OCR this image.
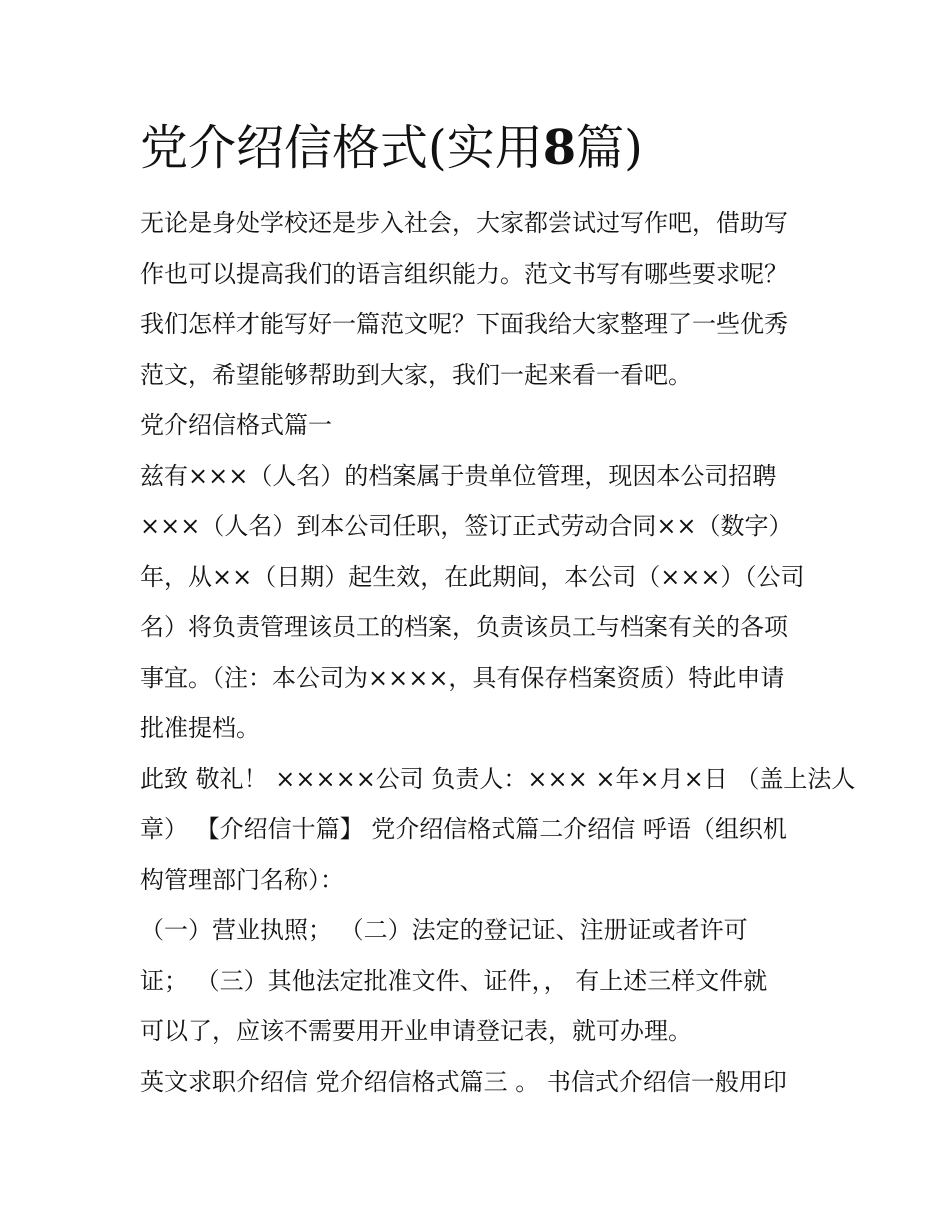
党介绍信格式(实用8篇)

无论是身处学校还是步入社会，大家都尝试过写作吧，借助写

作也可以提高我们的语言组织能力。范文书写有哪些要求呢？

我们怎样才能写好一篇范文呢？下面我给大家整理了一些优秀

范文，希望能够帮助到大家，我们一起来看一看吧。

党介绍信格式篇一

兹有×××（人名）的档案属于贵单位管理，现因本公司招聘

×××（人名）到本公司任职，签订正式劳动合同××（数字）

年，从××（日期）起生效，在此期间，本公司（×××）（公司

名）将负责管理该员工的档案，负责该员工与档案有关的各项

事宜。（注：本公司为××××，具有保存档案资质）特此申请

批准提档。

此致 敬礼！ ×××××公司 负责人：××× ×年×月×日 （盖上法人

章） 【介绍信十篇】 党介绍信格式篇二介绍信 呼语（组织机

构管理部门名称）：

（一）营业执照； （二）法定的登记证、注册证或者许可

证； （三）其他法定批准文件、证件，， 有上述三样文件就

可以了，应该不需要用开业申请登记表，就可办理。

英文求职介绍信 党介绍信格式篇三 。 书信式介绍信一般用印
